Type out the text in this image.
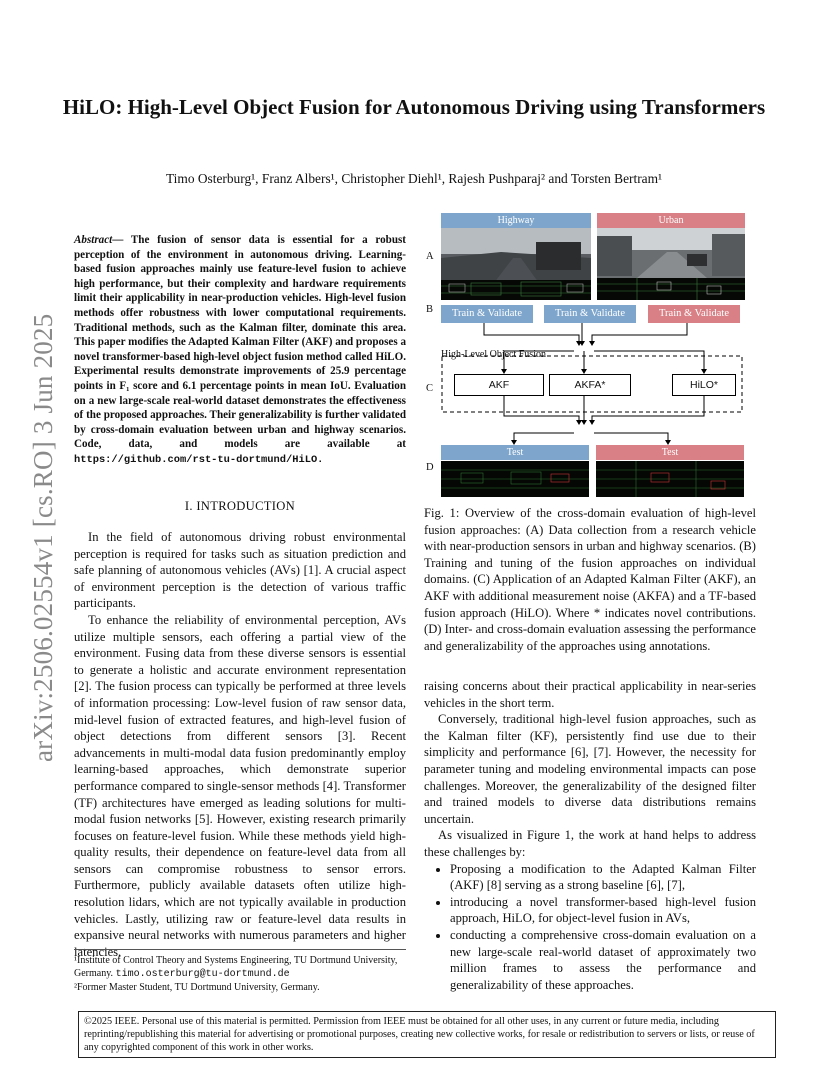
arXiv:2506.02554v1 [cs.RO] 3 Jun 2025
HiLO: High-Level Object Fusion for Autonomous Driving using Transformers
Timo Osterburg¹, Franz Albers¹, Christopher Diehl¹, Rajesh Pushparaj² and Torsten Bertram¹
Abstract— The fusion of sensor data is essential for a robust perception of the environment in autonomous driving. Learning-based fusion approaches mainly use feature-level fusion to achieve high performance, but their complexity and hardware requirements limit their applicability in near-production vehicles. High-level fusion methods offer robustness with lower computational requirements. Traditional methods, such as the Kalman filter, dominate this area. This paper modifies the Adapted Kalman Filter (AKF) and proposes a novel transformer-based high-level object fusion method called HiLO. Experimental results demonstrate improvements of 25.9 percentage points in F₁ score and 6.1 percentage points in mean IoU. Evaluation on a new large-scale real-world dataset demonstrates the effectiveness of the proposed approaches. Their generalizability is further validated by cross-domain evaluation between urban and highway scenarios. Code, data, and models are available at https://github.com/rst-tu-dortmund/HiLO.
I. INTRODUCTION

In the field of autonomous driving robust environmental perception is required for tasks such as situation prediction and safe planning of autonomous vehicles (AVs) [1]. A crucial aspect of environment perception is the detection of various traffic participants.

To enhance the reliability of environmental perception, AVs utilize multiple sensors, each offering a partial view of the environment. Fusing data from these diverse sensors is essential to generate a holistic and accurate environment representation [2]. The fusion process can typically be performed at three levels of information processing: Low-level fusion of raw sensor data, mid-level fusion of extracted features, and high-level fusion of object detections from different sensors [3]. Recent advancements in multi-modal data fusion predominantly employ learning-based approaches, which demonstrate superior performance compared to single-sensor methods [4]. Transformer (TF) architectures have emerged as leading solutions for multi-modal fusion networks [5]. However, existing research primarily focuses on feature-level fusion. While these methods yield high-quality results, their dependence on feature-level data from all sensors can compromise robustness to sensor errors. Furthermore, publicly available datasets often utilize high-resolution lidars, which are not typically available in production vehicles. Lastly, utilizing raw or feature-level data results in expansive neural networks with numerous parameters and higher latencies,

¹Institute of Control Theory and Systems Engineering, TU Dortmund University, Germany. timo.osterburg@tu-dortmund.de
²Former Master Student, TU Dortmund University, Germany.
Highway	Urban
A
B
C
D
Train & Validate	Train & Validate	Train & Validate
High-Level Object Fusion
AKF	AKFA*	HiLO*
Test	Test
Fig. 1: Overview of the cross-domain evaluation of high-level fusion approaches: (A) Data collection from a research vehicle with near-production sensors in urban and highway scenarios. (B) Training and tuning of the fusion approaches on individual domains. (C) Application of an Adapted Kalman Filter (AKF), an AKF with additional measurement noise (AKFA) and a TF-based fusion approach (HiLO). Where * indicates novel contributions. (D) Inter- and cross-domain evaluation assessing the performance and generalizability of the approaches using annotations.

raising concerns about their practical applicability in near-series vehicles in the short term.

Conversely, traditional high-level fusion approaches, such as the Kalman filter (KF), persistently find use due to their simplicity and performance [6], [7]. However, the necessity for parameter tuning and modeling environmental impacts can pose challenges. Moreover, the generalizability of the designed filter and trained models to diverse data distributions remains uncertain.

As visualized in Figure 1, the work at hand helps to address these challenges by:

• Proposing a modification to the Adapted Kalman Filter (AKF) [8] serving as a strong baseline [6], [7],
• introducing a novel transformer-based high-level fusion approach, HiLO, for object-level fusion in AVs,
• conducting a comprehensive cross-domain evaluation on a new large-scale real-world dataset of approximately two million frames to assess the performance and generalizability of these approaches.
©2025 IEEE. Personal use of this material is permitted. Permission from IEEE must be obtained for all other uses, in any current or future media, including reprinting/republishing this material for advertising or promotional purposes, creating new collective works, for resale or redistribution to servers or lists, or reuse of any copyrighted component of this work in other works.
